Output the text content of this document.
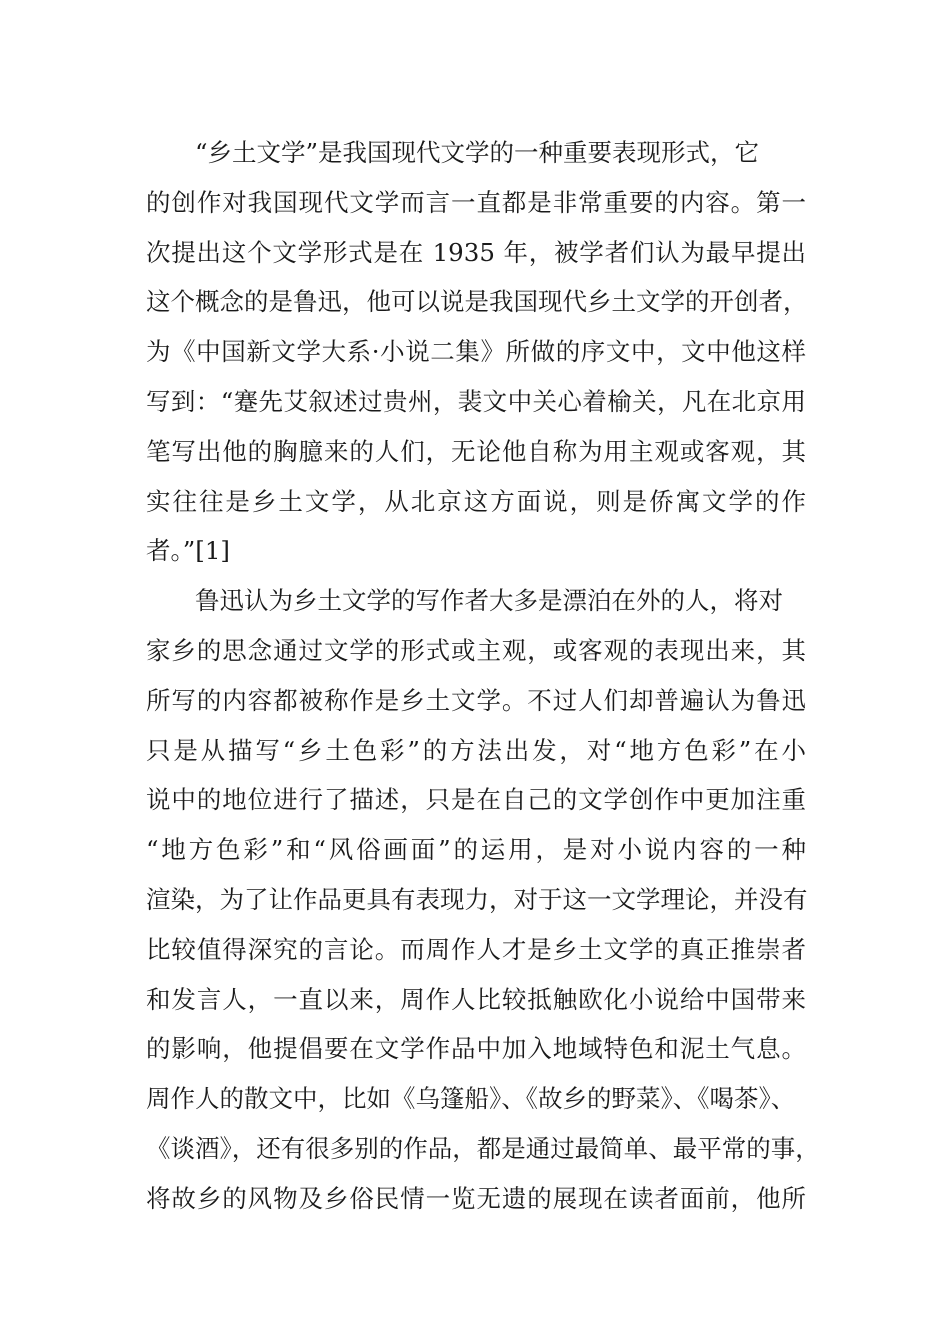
“乡土文学”是我国现代文学的一种重要表现形式，它
的创作对我国现代文学而言一直都是非常重要的内容。第一
次提出这个文学形式是在 1935 年，被学者们认为最早提出
这个概念的是鲁迅，他可以说是我国现代乡土文学的开创者，
为《中国新文学大系·小说二集》所做的序文中，文中他这样
写到：“蹇先艾叙述过贵州，裴文中关心着榆关，凡在北京用
笔写出他的胸臆来的人们，无论他自称为用主观或客观，其
实往往是乡土文学，从北京这方面说，则是侨寓文学的作
者。”[1]
鲁迅认为乡土文学的写作者大多是漂泊在外的人，将对
家乡的思念通过文学的形式或主观，或客观的表现出来，其
所写的内容都被称作是乡土文学。不过人们却普遍认为鲁迅
只是从描写“乡土色彩”的方法出发，对“地方色彩”在小
说中的地位进行了描述，只是在自己的文学创作中更加注重
“地方色彩”和“风俗画面”的运用，是对小说内容的一种
渲染，为了让作品更具有表现力，对于这一文学理论，并没有
比较值得深究的言论。而周作人才是乡土文学的真正推崇者
和发言人，一直以来，周作人比较抵触欧化小说给中国带来
的影响，他提倡要在文学作品中加入地域特色和泥土气息。
周作人的散文中，比如《乌篷船》、《故乡的野菜》、《喝茶》、
《谈酒》，还有很多别的作品，都是通过最简单、最平常的事，
将故乡的风物及乡俗民情一览无遗的展现在读者面前，他所
